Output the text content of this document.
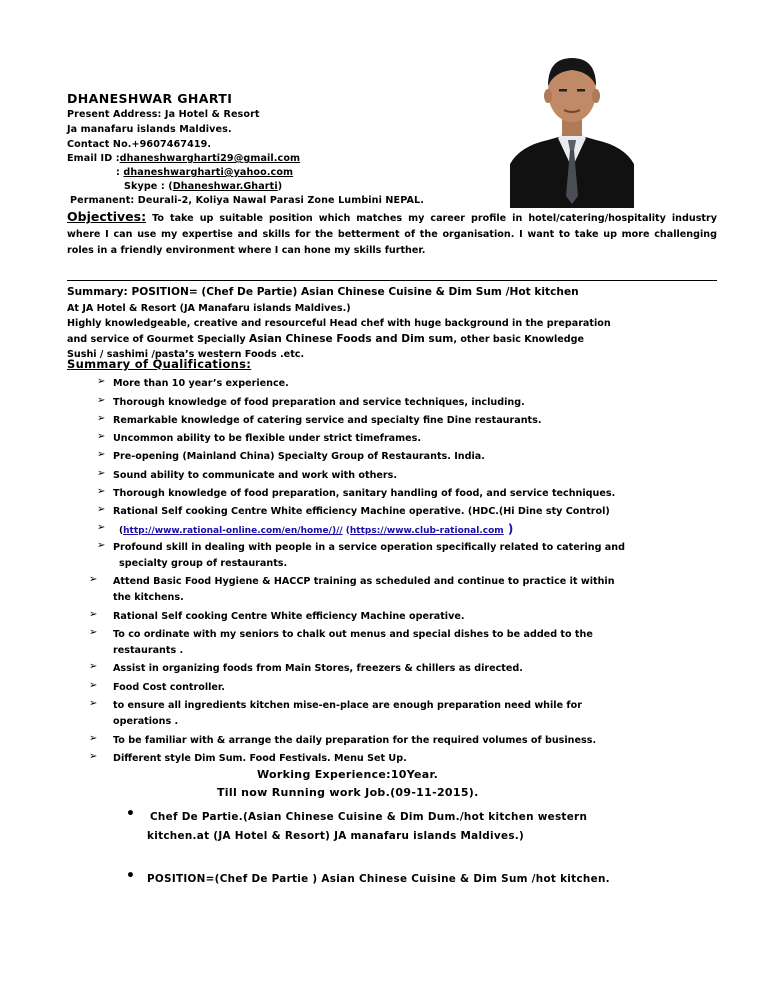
DHANESHWAR GHARTI
Present Address: Ja Hotel & Resort
Ja manafaru islands Maldives.
Contact No.+9607467419.
Email ID :dhaneshwargharti29@gmail.com
: dhaneshwargharti@yahoo.com
Skype : (Dhaneshwar.Gharti)
Permanent: Deurali-2, Koliya Nawal Parasi Zone Lumbini NEPAL.
Objectives: To take up suitable position which matches my career profile in hotel/catering/hospitality industry where I can use my expertise and skills for the betterment of the organisation. I want to take up more challenging roles in a friendly environment where I can hone my skills further.
Summary: POSITION= (Chef De Partie) Asian Chinese Cuisine & Dim Sum /Hot kitchen
At JA Hotel & Resort (JA Manafaru islands Maldives.)
Highly knowledgeable, creative and resourceful Head chef with huge background in the preparation
and service of Gourmet Specially Asian Chinese Foods and Dim sum, other basic Knowledge
Sushi / sashimi /pasta’s western Foods .etc.
Summary of Qualifications:
➢ More than 10 year’s experience.
➢ Thorough knowledge of food preparation and service techniques, including.
➢ Remarkable knowledge of catering service and specialty fine Dine restaurants.
➢ Uncommon ability to be flexible under strict timeframes.
➢ Pre-opening (Mainland China) Specialty Group of Restaurants. India.
➢ Sound ability to communicate and work with others.
➢ Thorough knowledge of food preparation, sanitary handling of food, and service techniques.
➢ Rational Self cooking Centre White efficiency Machine operative. (HDC.(Hi Dine sty Control)
➢ (http://www.rational-online.com/en/home/)// (https://www.club-rational.com )
➢ Profound skill in dealing with people in a service operation specifically related to catering and
specialty group of restaurants.
➢ Attend Basic Food Hygiene & HACCP training as scheduled and continue to practice it within
the kitchens.
➢ Rational Self cooking Centre White efficiency Machine operative.
➢ To co ordinate with my seniors to chalk out menus and special dishes to be added to the
restaurants .
➢ Assist in organizing foods from Main Stores, freezers & chillers as directed.
➢ Food Cost controller.
➢ to ensure all ingredients kitchen mise-en-place are enough preparation need while for
operations .
➢ To be familiar with & arrange the daily preparation for the required volumes of business.
➢ Different style Dim Sum. Food Festivals. Menu Set Up.
Working Experience:10Year.
Till now Running work Job.(09-11-2015).
• Chef De Partie.(Asian Chinese Cuisine & Dim Dum./hot kitchen western
kitchen.at (JA Hotel & Resort) JA manafaru islands Maldives.)
• POSITION=(Chef De Partie ) Asian Chinese Cuisine & Dim Sum /hot kitchen.
